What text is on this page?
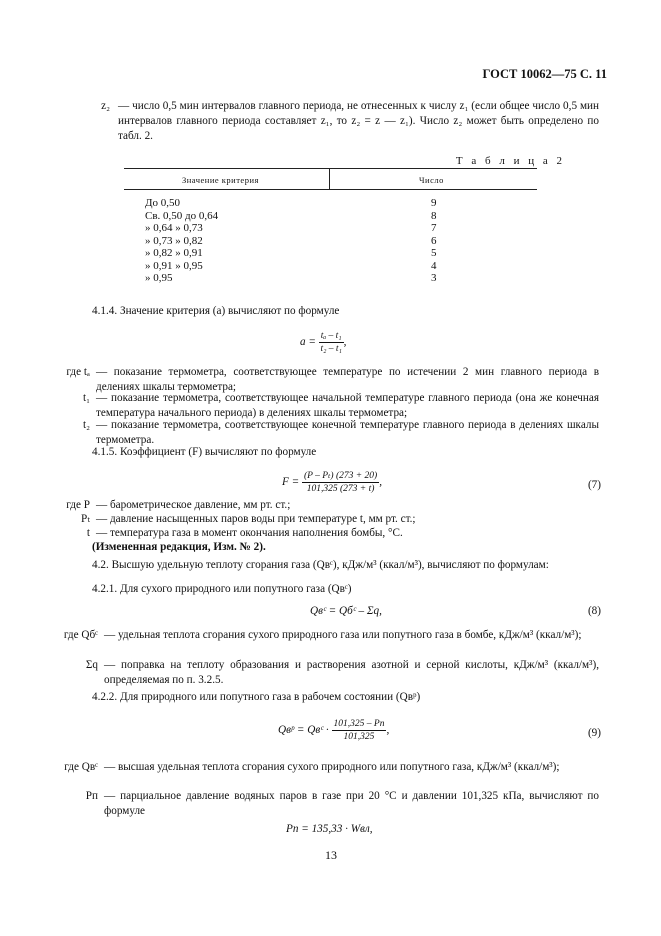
ГОСТ 10062—75 С. 11
z₂ — число 0,5 мин интервалов главного периода, не отнесенных к числу z₁ (если общее число 0,5 мин интервалов главного периода составляет z₁, то z₂ = z — z₁). Число z₂ может быть определено по табл. 2.
Т а б л и ц а 2
Значение критерия	Число
До 0,50	9
Св. 0,50 до 0,64	8
» 0,64 » 0,73	7
» 0,73 » 0,82	6
» 0,82 » 0,91	5
» 0,91 » 0,95	4
» 0,95	3
4.1.4. Значение критерия (a) вычисляют по формуле
$a = \frac{\text{tₐ – t₁}}{\text{t₂ – t₁}}$ ,
где tₐ — показание термометра, соответствующее температуре по истечении 2 мин главного периода в делениях шкалы термометра;
t₁ — показание термометра, соответствующее начальной температуре главного периода (она же конечная температура начального периода) в делениях шкалы термометра;
t₂ — показание термометра, соответствующее конечной температуре главного периода в делениях шкалы термометра.
4.1.5. Коэффициент (F) вычисляют по формуле
$F = \frac{\text{(P – Pₜ) (273 + 20)}}{101,325 (273 + t)}$ ,	(7)
где P — барометрическое давление, мм рт. ст.;
Pₜ — давление насыщенных паров воды при температуре t, мм рт. ст.;
t — температура газа в момент окончания наполнения бомбы, °С.
(Измененная редакция, Изм. № 2).
4.2. Высшую удельную теплоту сгорания газа (Qвᶜ), кДж/м³ (ккал/м³), вычисляют по формулам:
4.2.1. Для сухого природного или попутного газа (Qвᶜ)
Qвᶜ = Qбᶜ – Σq,	(8)
где Qбᶜ — удельная теплота сгорания сухого природного газа или попутного газа в бомбе, кДж/м³ (ккал/м³);
Σq — поправка на теплоту образования и растворения азотной и серной кислоты, кДж/м³ (ккал/м³), определяемая по п. 3.2.5.
4.2.2. Для природного или попутного газа в рабочем состоянии (Qвᵖ)
Qвᵖ = Qвᶜ · $\frac{101,325 - Pп}{101,325}$ ,	(9)
где Qвᶜ — высшая удельная теплота сгорания сухого природного или попутного газа, кДж/м³ (ккал/м³);
Pп — парциальное давление водяных паров в газе при 20 °С и давлении 101,325 кПа, вычисляют по формуле
Pп = 135,33 · Wвл,
13
